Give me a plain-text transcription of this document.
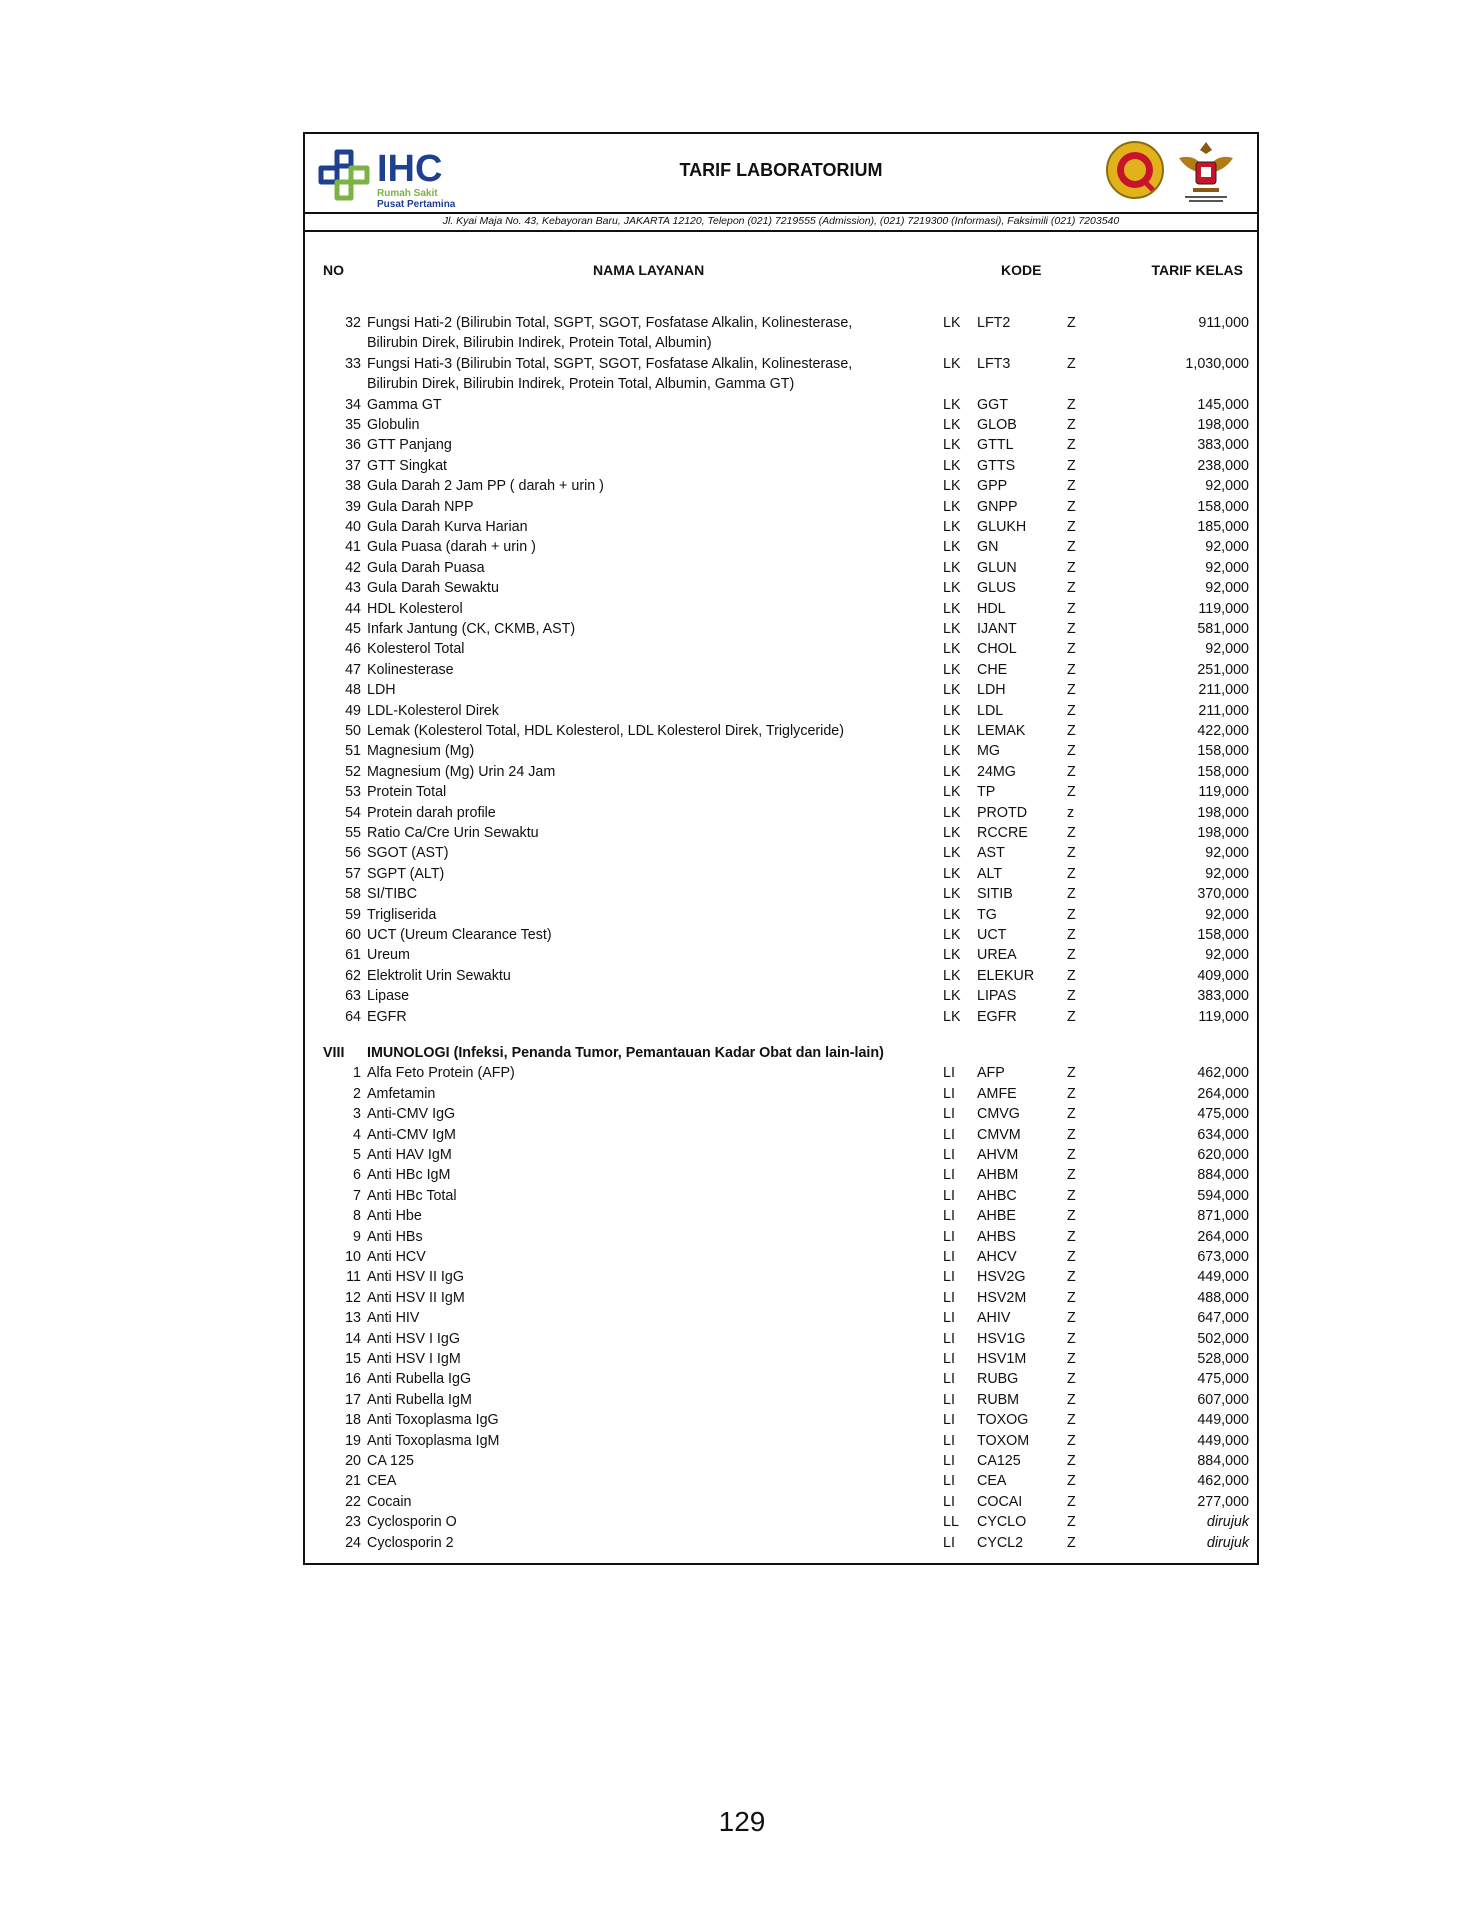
IHC
Rumah Sakit
Pusat Pertamina
TARIF LABORATORIUM
Jl. Kyai Maja No. 43, Kebayoran Baru, JAKARTA 12120, Telepon (021) 7219555 (Admission), (021) 7219300 (Informasi), Faksimili (021) 7203540
NO	NAMA LAYANAN	KODE	TARIF KELAS
32 Fungsi Hati-2 (Bilirubin Total, SGPT, SGOT, Fosfatase Alkalin, Kolinesterase, Bilirubin Direk, Bilirubin Indirek, Protein Total, Albumin)
LK LFT2	Z	911,000
33 Fungsi Hati-3 (Bilirubin Total, SGPT, SGOT, Fosfatase Alkalin, Kolinesterase, Bilirubin Direk, Bilirubin Indirek, Protein Total, Albumin, Gamma GT)
LK LFT3	Z	1,030,000
34 Gamma GT	LK GGT	Z	145,000
35 Globulin	LK GLOB	Z	198,000
36 GTT Panjang	LK GTTL	Z	383,000
37 GTT Singkat	LK GTTS	Z	238,000
38 Gula Darah 2 Jam PP ( darah + urin )	LK GPP	Z	92,000
39 Gula Darah NPP	LK GNPP	Z	158,000
40 Gula Darah Kurva Harian	LK GLUKH	Z	185,000
41 Gula Puasa (darah + urin )	LK GN	Z	92,000
42 Gula Darah Puasa	LK GLUN	Z	92,000
43 Gula Darah Sewaktu	LK GLUS	Z	92,000
44 HDL Kolesterol	LK HDL	Z	119,000
45 Infark Jantung (CK, CKMB, AST)	LK IJANT	Z	581,000
46 Kolesterol Total	LK CHOL	Z	92,000
47 Kolinesterase	LK CHE	Z	251,000
48 LDH	LK LDH	Z	211,000
49 LDL-Kolesterol Direk	LK LDL	Z	211,000
50 Lemak (Kolesterol Total, HDL Kolesterol, LDL Kolesterol Direk, Triglyceride)	LK LEMAK	Z	422,000
51 Magnesium (Mg)	LK MG	Z	158,000
52 Magnesium (Mg) Urin 24 Jam	LK 24MG	Z	158,000
53 Protein Total	LK TP	Z	119,000
54 Protein darah profile	LK PROTD	z	198,000
55 Ratio Ca/Cre Urin Sewaktu	LK RCCRE	Z	198,000
56 SGOT (AST)	LK AST	Z	92,000
57 SGPT (ALT)	LK ALT	Z	92,000
58 SI/TIBC	LK SITIB	Z	370,000
59 Trigliserida	LK TG	Z	92,000
60 UCT (Ureum Clearance Test)	LK UCT	Z	158,000
61 Ureum	LK UREA	Z	92,000
62 Elektrolit Urin Sewaktu	LK ELEKUR Z	409,000
63 Lipase	LK LIPAS	Z	383,000
64 EGFR	LK EGFR	Z	119,000
VIII IMUNOLOGI (Infeksi, Penanda Tumor, Pemantauan Kadar Obat dan lain-lain)
1 Alfa Feto Protein (AFP)	LI AFP	Z	462,000
2 Amfetamin	LI AMFE	Z	264,000
3 Anti-CMV IgG	LI CMVG	Z	475,000
4 Anti-CMV IgM	LI CMVM	Z	634,000
5 Anti HAV IgM	LI AHVM	Z	620,000
6 Anti HBc IgM	LI AHBM	Z	884,000
7 Anti HBc Total	LI AHBC	Z	594,000
8 Anti Hbe	LI AHBE	Z	871,000
9 Anti HBs	LI AHBS	Z	264,000
10 Anti HCV	LI AHCV	Z	673,000
11 Anti HSV II IgG	LI HSV2G	Z	449,000
12 Anti HSV II IgM	LI HSV2M	Z	488,000
13 Anti HIV	LI AHIV	Z	647,000
14 Anti HSV I IgG	LI HSV1G	Z	502,000
15 Anti HSV I IgM	LI HSV1M	Z	528,000
16 Anti Rubella IgG	LI RUBG	Z	475,000
17 Anti Rubella IgM	LI RUBM	Z	607,000
18 Anti Toxoplasma IgG	LI TOXOG	Z	449,000
19 Anti Toxoplasma IgM	LI TOXOM	Z	449,000
20 CA 125	LI CA125	Z	884,000
21 CEA	LI CEA	Z	462,000
22 Cocain	LI COCAI	Z	277,000
23 Cyclosporin O	LL CYCLO	Z	dirujuk
24 Cyclosporin 2	LI CYCL2	Z	dirujuk
129
